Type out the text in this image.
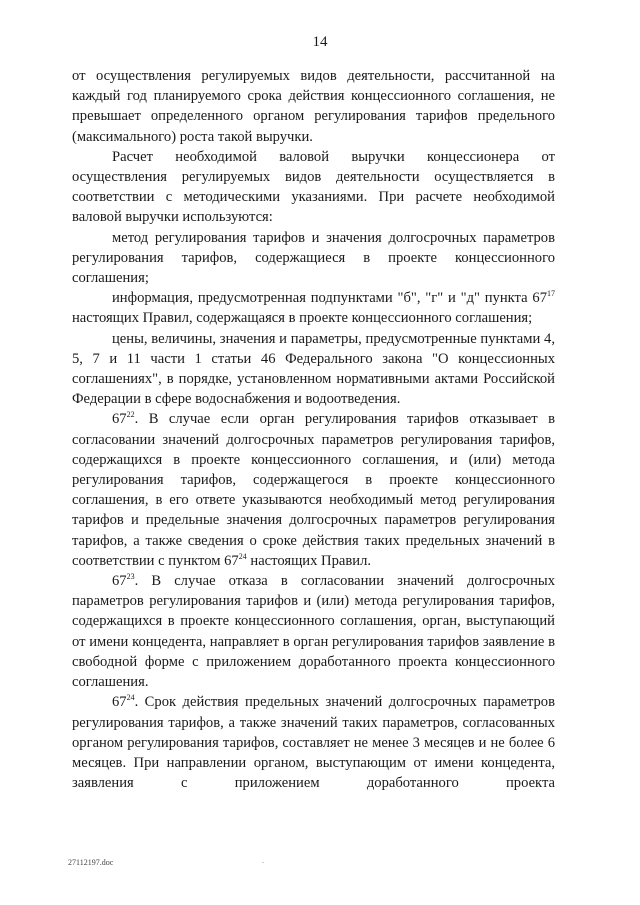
14

от осуществления регулируемых видов деятельности, рассчитанной на каждый год планируемого срока действия концессионного соглашения, не превышает определенного органом регулирования тарифов предельного (максимального) роста такой выручки.

Расчет необходимой валовой выручки концессионера от осуществления регулируемых видов деятельности осуществляется в соответствии с методическими указаниями. При расчете необходимой валовой выручки используются:

метод регулирования тарифов и значения долгосрочных параметров регулирования тарифов, содержащиеся в проекте концессионного соглашения;

информация, предусмотренная подпунктами "б", "г" и "д" пункта $67^{17}$ настоящих Правил, содержащаяся в проекте концессионного соглашения;

цены, величины, значения и параметры, предусмотренные пунктами 4, 5, 7 и 11 части 1 статьи 46 Федерального закона "О концессионных соглашениях", в порядке, установленном нормативными актами Российской Федерации в сфере водоснабжения и водоотведения.

$67^{22}$. В случае если орган регулирования тарифов отказывает в согласовании значений долгосрочных параметров регулирования тарифов, содержащихся в проекте концессионного соглашения, и (или) метода регулирования тарифов, содержащегося в проекте концессионного соглашения, в его ответе указываются необходимый метод регулирования тарифов и предельные значения долгосрочных параметров регулирования тарифов, а также сведения о сроке действия таких предельных значений в соответствии с пунктом $67^{24}$ настоящих Правил.

$67^{23}$. В случае отказа в согласовании значений долгосрочных параметров регулирования тарифов и (или) метода регулирования тарифов, содержащихся в проекте концессионного соглашения, орган, выступающий от имени концедента, направляет в орган регулирования тарифов заявление в свободной форме с приложением доработанного проекта концессионного соглашения.

$67^{24}$. Срок действия предельных значений долгосрочных параметров регулирования тарифов, а также значений таких параметров, согласованных органом регулирования тарифов, составляет не менее 3 месяцев и не более 6 месяцев. При направлении органом, выступающим от имени концедента, заявления с приложением доработанного проекта

27112197.doc	.
